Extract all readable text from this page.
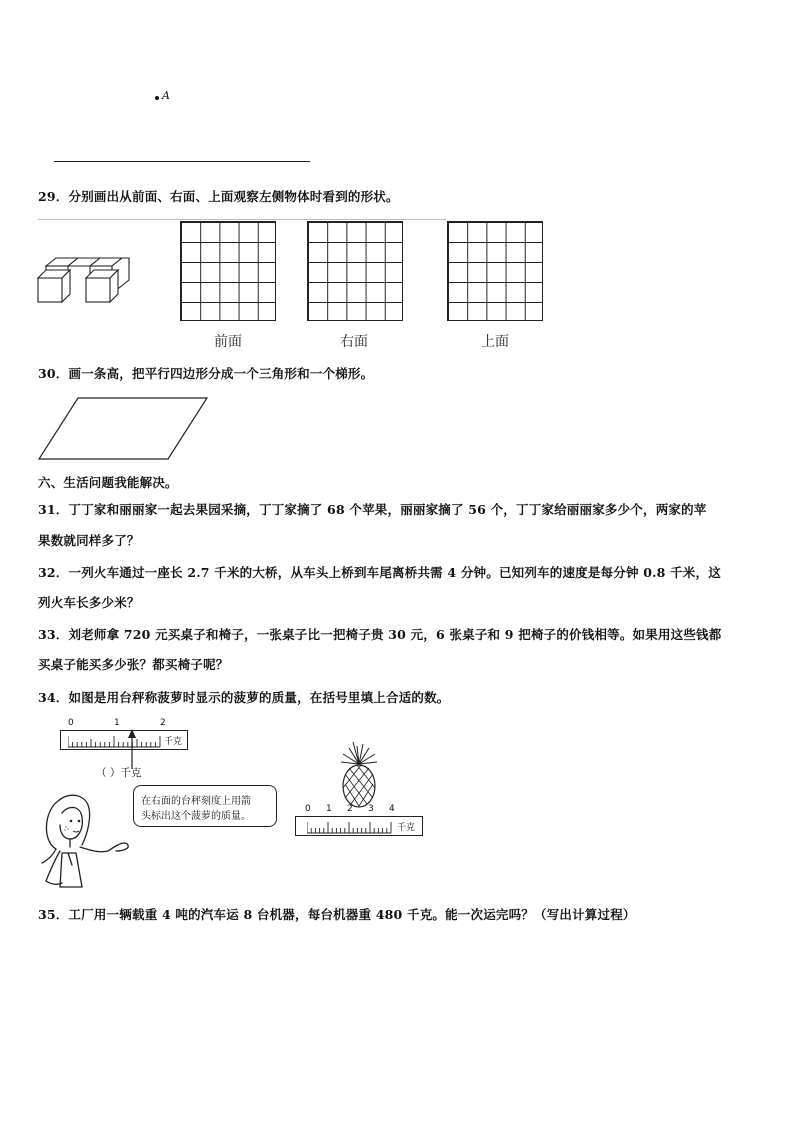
A
29．分别画出从前面、右面、上面观察左侧物体时看到的形状。
前面	右面	上面
30．画一条高，把平行四边形分成一个三角形和一个梯形。
六、生活问题我能解决。
31．丁丁家和丽丽家一起去果园采摘，丁丁家摘了 68 个苹果，丽丽家摘了 56 个，丁丁家给丽丽家多少个，两家的苹
果数就同样多了？
32．一列火车通过一座长 2.7 千米的大桥，从车头上桥到车尾离桥共需 4 分钟。已知列车的速度是每分钟 0.8 千米，这
列火车长多少米？
33．刘老师拿 720 元买桌子和椅子，一张桌子比一把椅子贵 30 元，6 张桌子和 9 把椅子的价钱相等。如果用这些钱都
买桌子能买多少张？都买椅子呢？
34．如图是用台秤称菠萝时显示的菠萝的质量，在括号里填上合适的数。
0	1	2
千克
（ ）千克
在右面的台秤刻度上用箭
头标出这个菠萝的质量。
0 1 2 3 4
千克
35．工厂用一辆载重 4 吨的汽车运 8 台机器，每台机器重 480 千克。能一次运完吗？（写出计算过程）
